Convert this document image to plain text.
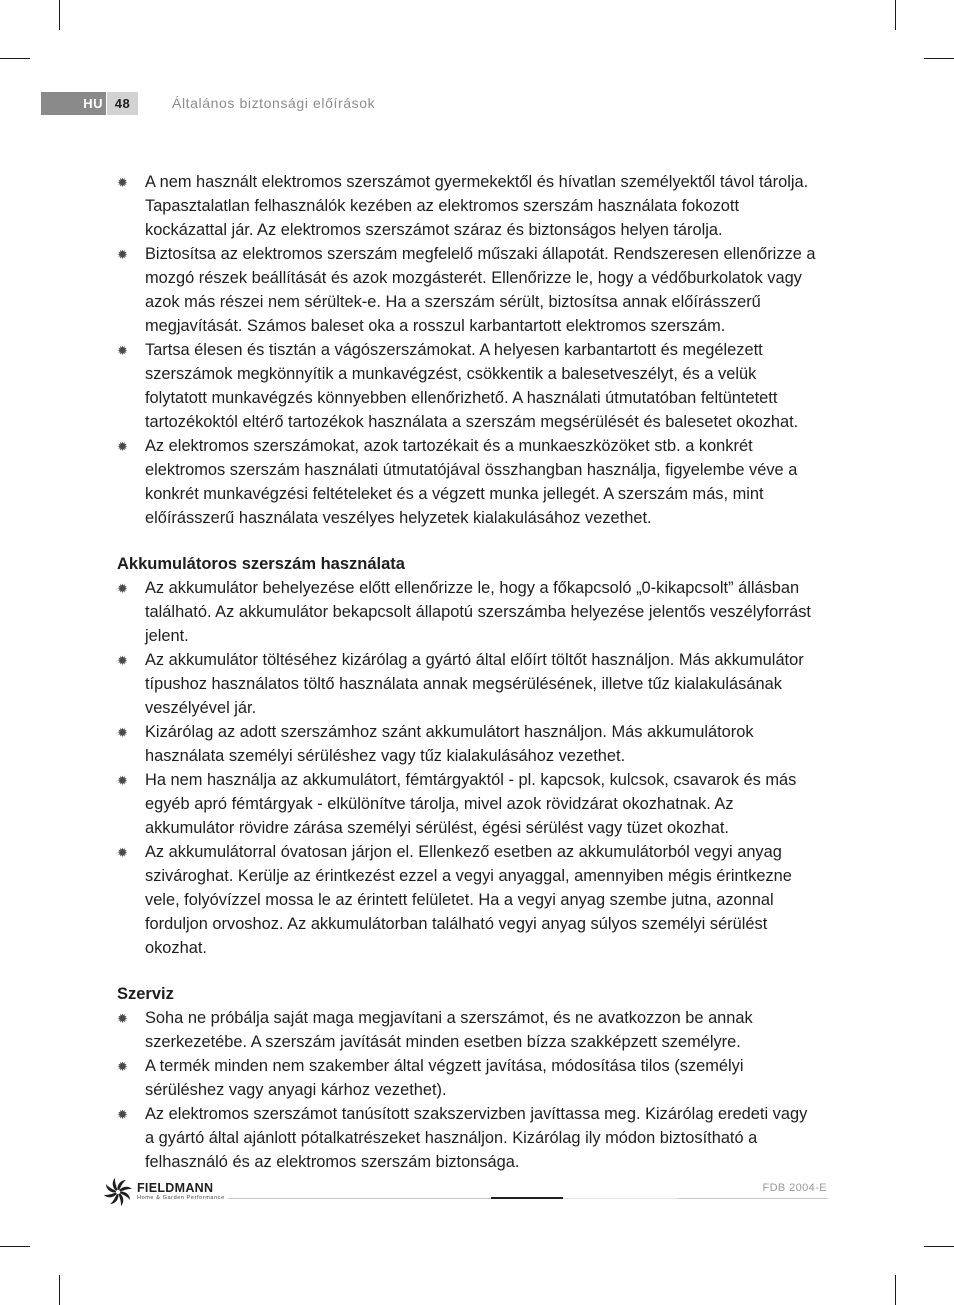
HU 48	Általános biztonsági előírások
✹ A nem használt elektromos szerszámot gyermekektől és hívatlan személyektől távol tárolja. Tapasztalatlan felhasználók kezében az elektromos szerszám használata fokozott kockázattal jár. Az elektromos szerszámot száraz és biztonságos helyen tárolja.
✹ Biztosítsa az elektromos szerszám megfelelő műszaki állapotát. Rendszeresen ellenőrizze a mozgó részek beállítását és azok mozgásterét. Ellenőrizze le, hogy a védőburkolatok vagy azok más részei nem sérültek-e. Ha a szerszám sérült, biztosítsa annak előírásszerű megjavítását. Számos baleset oka a rosszul karbantartott elektromos szerszám.
✹ Tartsa élesen és tisztán a vágószerszámokat. A helyesen karbantartott és megélezett szerszámok megkönnyítik a munkavégzést, csökkentik a balesetveszélyt, és a velük folytatott munkavégzés könnyebben ellenőrizhető. A használati útmutatóban feltüntetett tartozékoktól eltérő tartozékok használata a szerszám megsérülését és balesetet okozhat.
✹ Az elektromos szerszámokat, azok tartozékait és a munkaeszközöket stb. a konkrét elektromos szerszám használati útmutatójával összhangban használja, figyelembe véve a konkrét munkavégzési feltételeket és a végzett munka jellegét. A szerszám más, mint előírásszerű használata veszélyes helyzetek kialakulásához vezethet.

Akkumulátoros szerszám használata

✹ Az akkumulátor behelyezése előtt ellenőrizze le, hogy a főkapcsoló „0-kikapcsolt” állásban található. Az akkumulátor bekapcsolt állapotú szerszámba helyezése jelentős veszélyforrást jelent.
✹ Az akkumulátor töltéséhez kizárólag a gyártó által előírt töltőt használjon. Más akkumulátor típushoz használatos töltő használata annak megsérülésének, illetve tűz kialakulásának veszélyével jár.
✹ Kizárólag az adott szerszámhoz szánt akkumulátort használjon. Más akkumulátorok használata személyi sérüléshez vagy tűz kialakulásához vezethet.
✹ Ha nem használja az akkumulátort, fémtárgyaktól - pl. kapcsok, kulcsok, csavarok és más egyéb apró fémtárgyak - elkülönítve tárolja, mivel azok rövidzárat okozhatnak. Az akkumulátor rövidre zárása személyi sérülést, égési sérülést vagy tüzet okozhat.
✹ Az akkumulátorral óvatosan járjon el. Ellenkező esetben az akkumulátorból vegyi anyag szivároghat. Kerülje az érintkezést ezzel a vegyi anyaggal, amennyiben mégis érintkezne vele, folyóvízzel mossa le az érintett felületet. Ha a vegyi anyag szembe jutna, azonnal forduljon orvoshoz. Az akkumulátorban található vegyi anyag súlyos személyi sérülést okozhat.

Szerviz

✹ Soha ne próbálja saját maga megjavítani a szerszámot, és ne avatkozzon be annak szerkezetébe. A szerszám javítását minden esetben bízza szakképzett személyre.
✹ A termék minden nem szakember által végzett javítása, módosítása tilos (személyi sérüléshez vagy anyagi kárhoz vezethet).
✹ Az elektromos szerszámot tanúsított szakszervizben javíttassa meg. Kizárólag eredeti vagy a gyártó által ajánlott pótalkatrészeket használjon. Kizárólag ily módon biztosítható a felhasználó és az elektromos szerszám biztonsága.
FIELDMANN
Home & Garden Performance
FDB 2004-E
